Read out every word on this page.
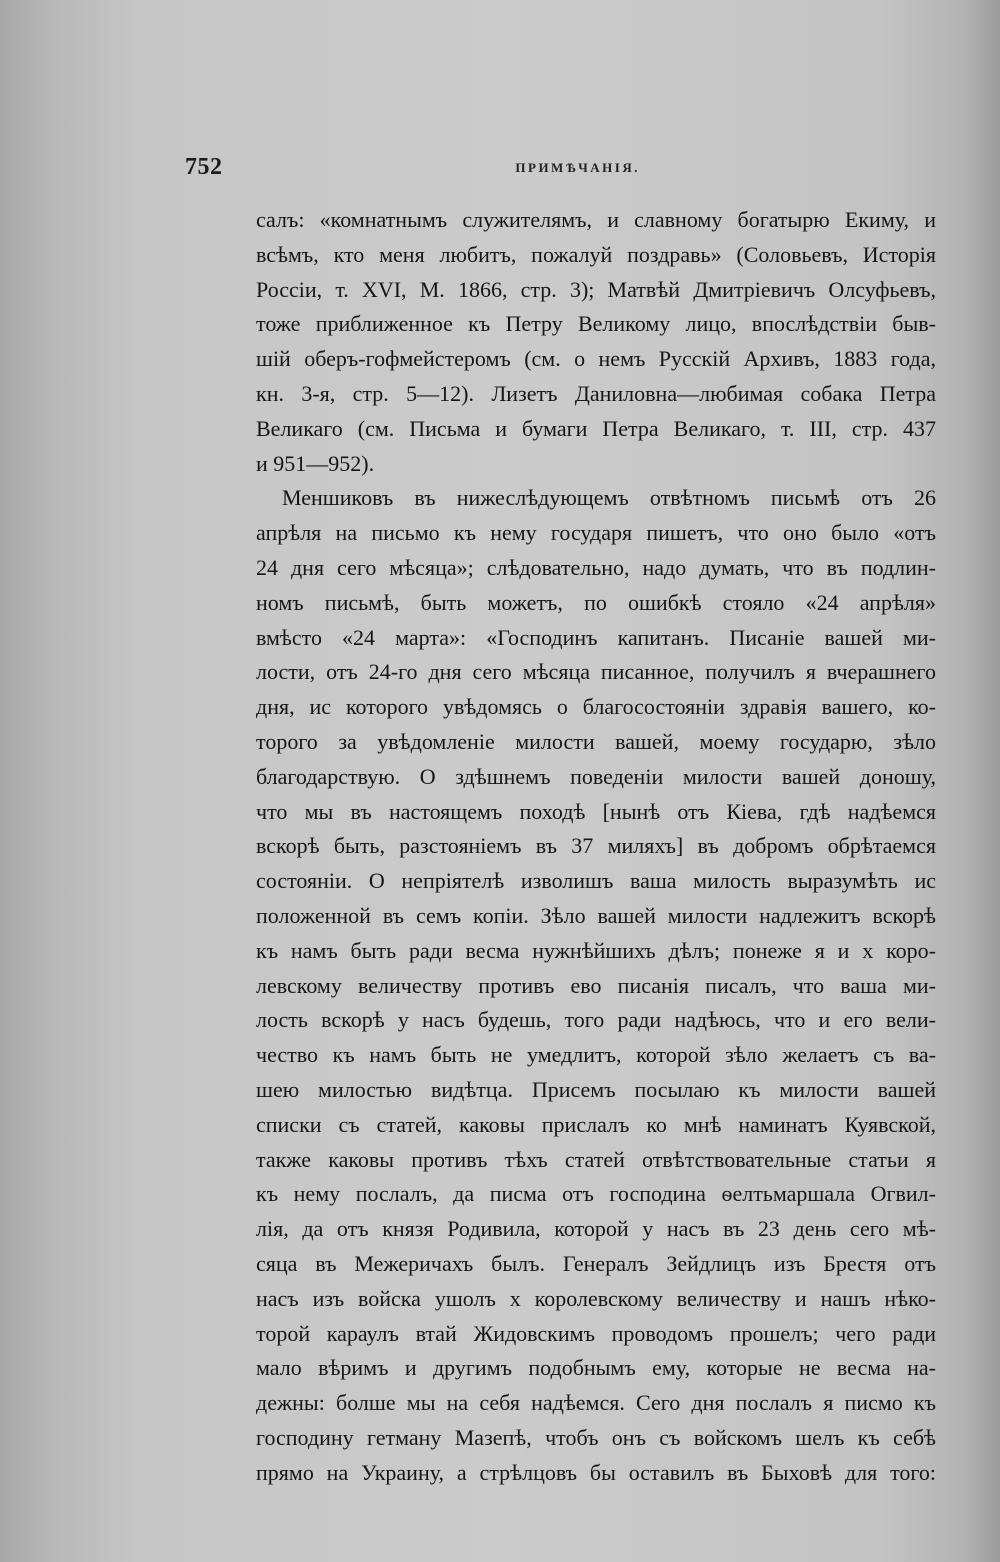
752	ПРИМѢЧАНІЯ.
салъ: «комнатнымъ служителямъ, и славному богатырю Екиму, и
всѣмъ, кто меня любитъ, пожалуй поздравь» (Соловьевъ, Исторія
Россіи, т. XVI, М. 1866, стр. 3); Матвѣй Дмитріевичъ Олсуфьевъ,
тоже приближенное къ Петру Великому лицо, впослѣдствіи быв-
шій оберъ-гофмейстеромъ (см. о немъ Русскій Архивъ, 1883 года,
кн. 3-я, стр. 5—12). Лизетъ Даниловна—любимая собака Петра
Великаго (см. Письма и бумаги Петра Великаго, т. III, стр. 437
и 951—952).
Меншиковъ въ нижеслѣдующемъ отвѣтномъ письмѣ отъ 26
апрѣля на письмо къ нему государя пишетъ, что оно было «отъ
24 дня сего мѣсяца»; слѣдовательно, надо думать, что въ подлин-
номъ письмѣ, быть можетъ, по ошибкѣ стояло «24 апрѣля»
вмѣсто «24 марта»: «Господинъ капитанъ. Писаніе вашей ми-
лости, отъ 24-го дня сего мѣсяца писанное, получилъ я вчерашнего
дня, ис которого увѣдомясь о благосостояніи здравія вашего, ко-
торого за увѣдомленіе милости вашей, моему государю, зѣло
благодарствую. О здѣшнемъ поведеніи милости вашей доношу,
что мы въ настоящемъ походѣ [нынѣ отъ Кіева, гдѣ надѣемся
вскорѣ быть, разстояніемъ въ 37 миляхъ] въ добромъ обрѣтаемся
состояніи. О непріятелѣ изволишъ ваша милость выразумѣть ис
положенной въ семъ копіи. Зѣло вашей милости надлежитъ вскорѣ
къ намъ быть ради весма нужнѣйшихъ дѣлъ; понеже я и х коро-
левскому величеству противъ ево писанія писалъ, что ваша ми-
лость вскорѣ у насъ будешь, того ради надѣюсь, что и его вели-
чество къ намъ быть не умедлитъ, которой зѣло желаетъ съ ва-
шею милостью видѣтца. Присемъ посылаю къ милости вашей
списки съ статей, каковы прислалъ ко мнѣ наминатъ Куявской,
также каковы противъ тѣхъ статей отвѣтствовательные статьи я
къ нему послалъ, да писма отъ господина ѳелтьмаршала Огвил-
лія, да отъ князя Родивила, которой у насъ въ 23 день сего мѣ-
сяца въ Межеричахъ былъ. Генералъ Зейдлицъ изъ Брестя отъ
насъ изъ войска ушолъ х королевскому величеству и нашъ нѣко-
торой караулъ втай Жидовскимъ проводомъ прошелъ; чего ради
мало вѣримъ и другимъ подобнымъ ему, которые не весма на-
дежны: болше мы на себя надѣемся. Сего дня послалъ я писмо къ
господину гетману Мазепѣ, чтобъ онъ съ войскомъ шелъ къ себѣ
прямо на Украину, а стрѣлцовъ бы оставилъ въ Быховѣ для того:
